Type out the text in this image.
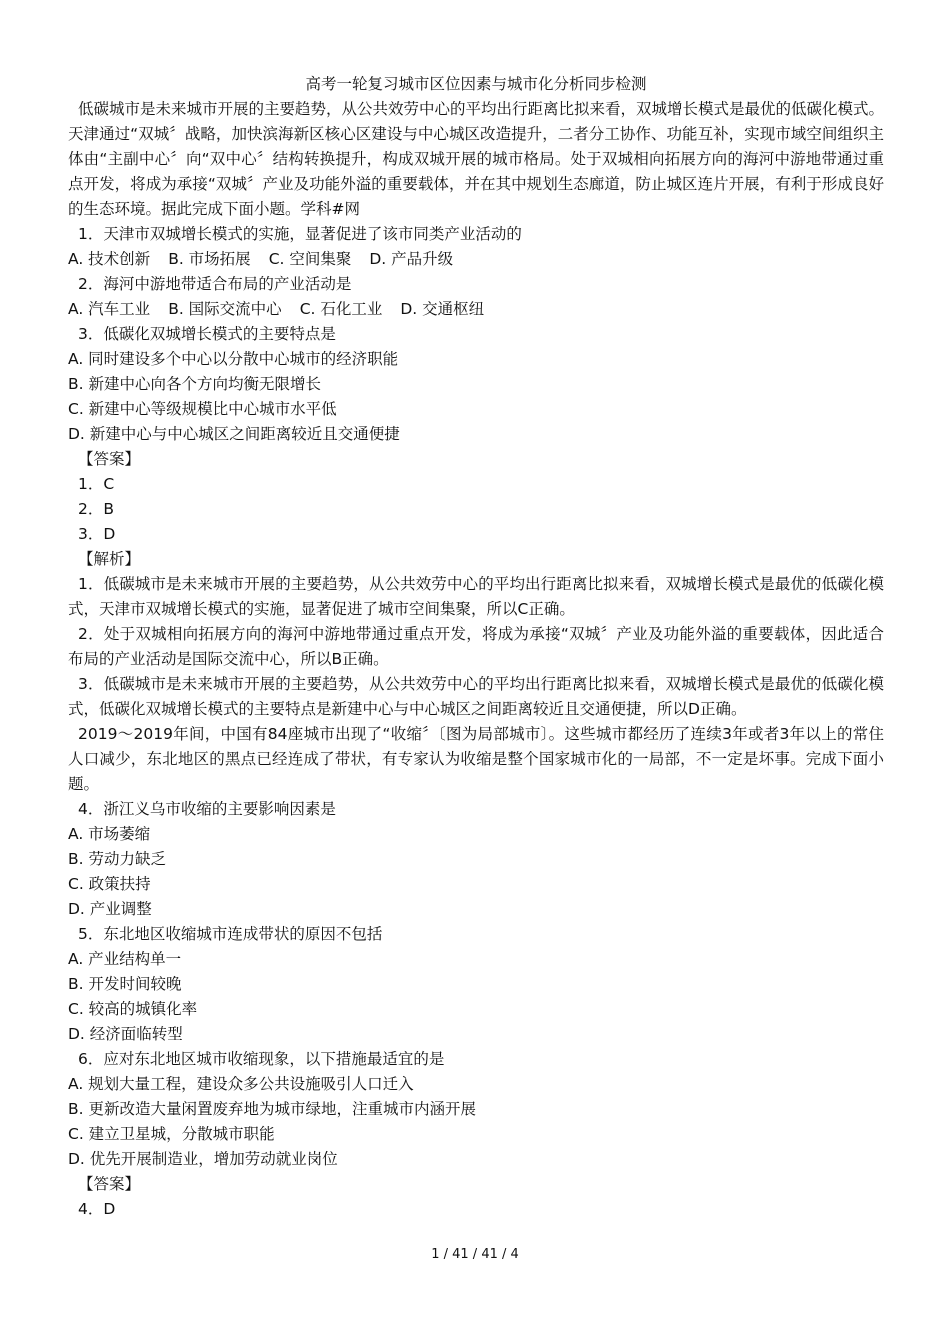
高考一轮复习城市区位因素与城市化分析同步检测

低碳城市是未来城市开展的主要趋势，从公共效劳中心的平均出行距离比拟来看，双城增长模式是最优的低碳化模式。天津通过“双城〞战略，加快滨海新区核心区建设与中心城区改造提升，二者分工协作、功能互补，实现市域空间组织主体由“主副中心〞向“双中心〞结构转换提升，构成双城开展的城市格局。处于双城相向拓展方向的海河中游地带通过重点开发，将成为承接“双城〞产业及功能外溢的重要载体，并在其中规划生态廊道，防止城区连片开展，有利于形成良好的生态环境。据此完成下面小题。学科#网

1．天津市双城增长模式的实施，显著促进了该市同类产业活动的

A. 技术创新 B. 市场拓展 C. 空间集聚 D. 产品升级

2．海河中游地带适合布局的产业活动是

A. 汽车工业 B. 国际交流中心 C. 石化工业 D. 交通枢纽

3．低碳化双城增长模式的主要特点是

A. 同时建设多个中心以分散中心城市的经济职能

B. 新建中心向各个方向均衡无限增长

C. 新建中心等级规模比中心城市水平低

D. 新建中心与中心城区之间距离较近且交通便捷

【答案】

1．C

2．B

3．D

【解析】

1．低碳城市是未来城市开展的主要趋势，从公共效劳中心的平均出行距离比拟来看，双城增长模式是最优的低碳化模式，天津市双城增长模式的实施，显著促进了城市空间集聚，所以C正确。

2．处于双城相向拓展方向的海河中游地带通过重点开发，将成为承接“双城〞产业及功能外溢的重要载体，因此适合布局的产业活动是国际交流中心，所以B正确。

3．低碳城市是未来城市开展的主要趋势，从公共效劳中心的平均出行距离比拟来看，双城增长模式是最优的低碳化模式，低碳化双城增长模式的主要特点是新建中心与中心城区之间距离较近且交通便捷，所以D正确。

2019～2019年间，中国有84座城市出现了“收缩〞〔图为局部城市〕。这些城市都经历了连续3年或者3年以上的常住人口减少，东北地区的黑点已经连成了带状，有专家认为收缩是整个国家城市化的一局部，不一定是坏事。完成下面小题。

4．浙江义乌市收缩的主要影响因素是

A. 市场萎缩

B. 劳动力缺乏

C. 政策扶持

D. 产业调整

5．东北地区收缩城市连成带状的原因不包括

A. 产业结构单一

B. 开发时间较晚

C. 较高的城镇化率

D. 经济面临转型

6．应对东北地区城市收缩现象，以下措施最适宜的是

A. 规划大量工程，建设众多公共设施吸引人口迁入

B. 更新改造大量闲置废弃地为城市绿地，注重城市内涵开展

C. 建立卫星城，分散城市职能

D. 优先开展制造业，增加劳动就业岗位

【答案】

4．D

1 / 41 / 41 / 4
